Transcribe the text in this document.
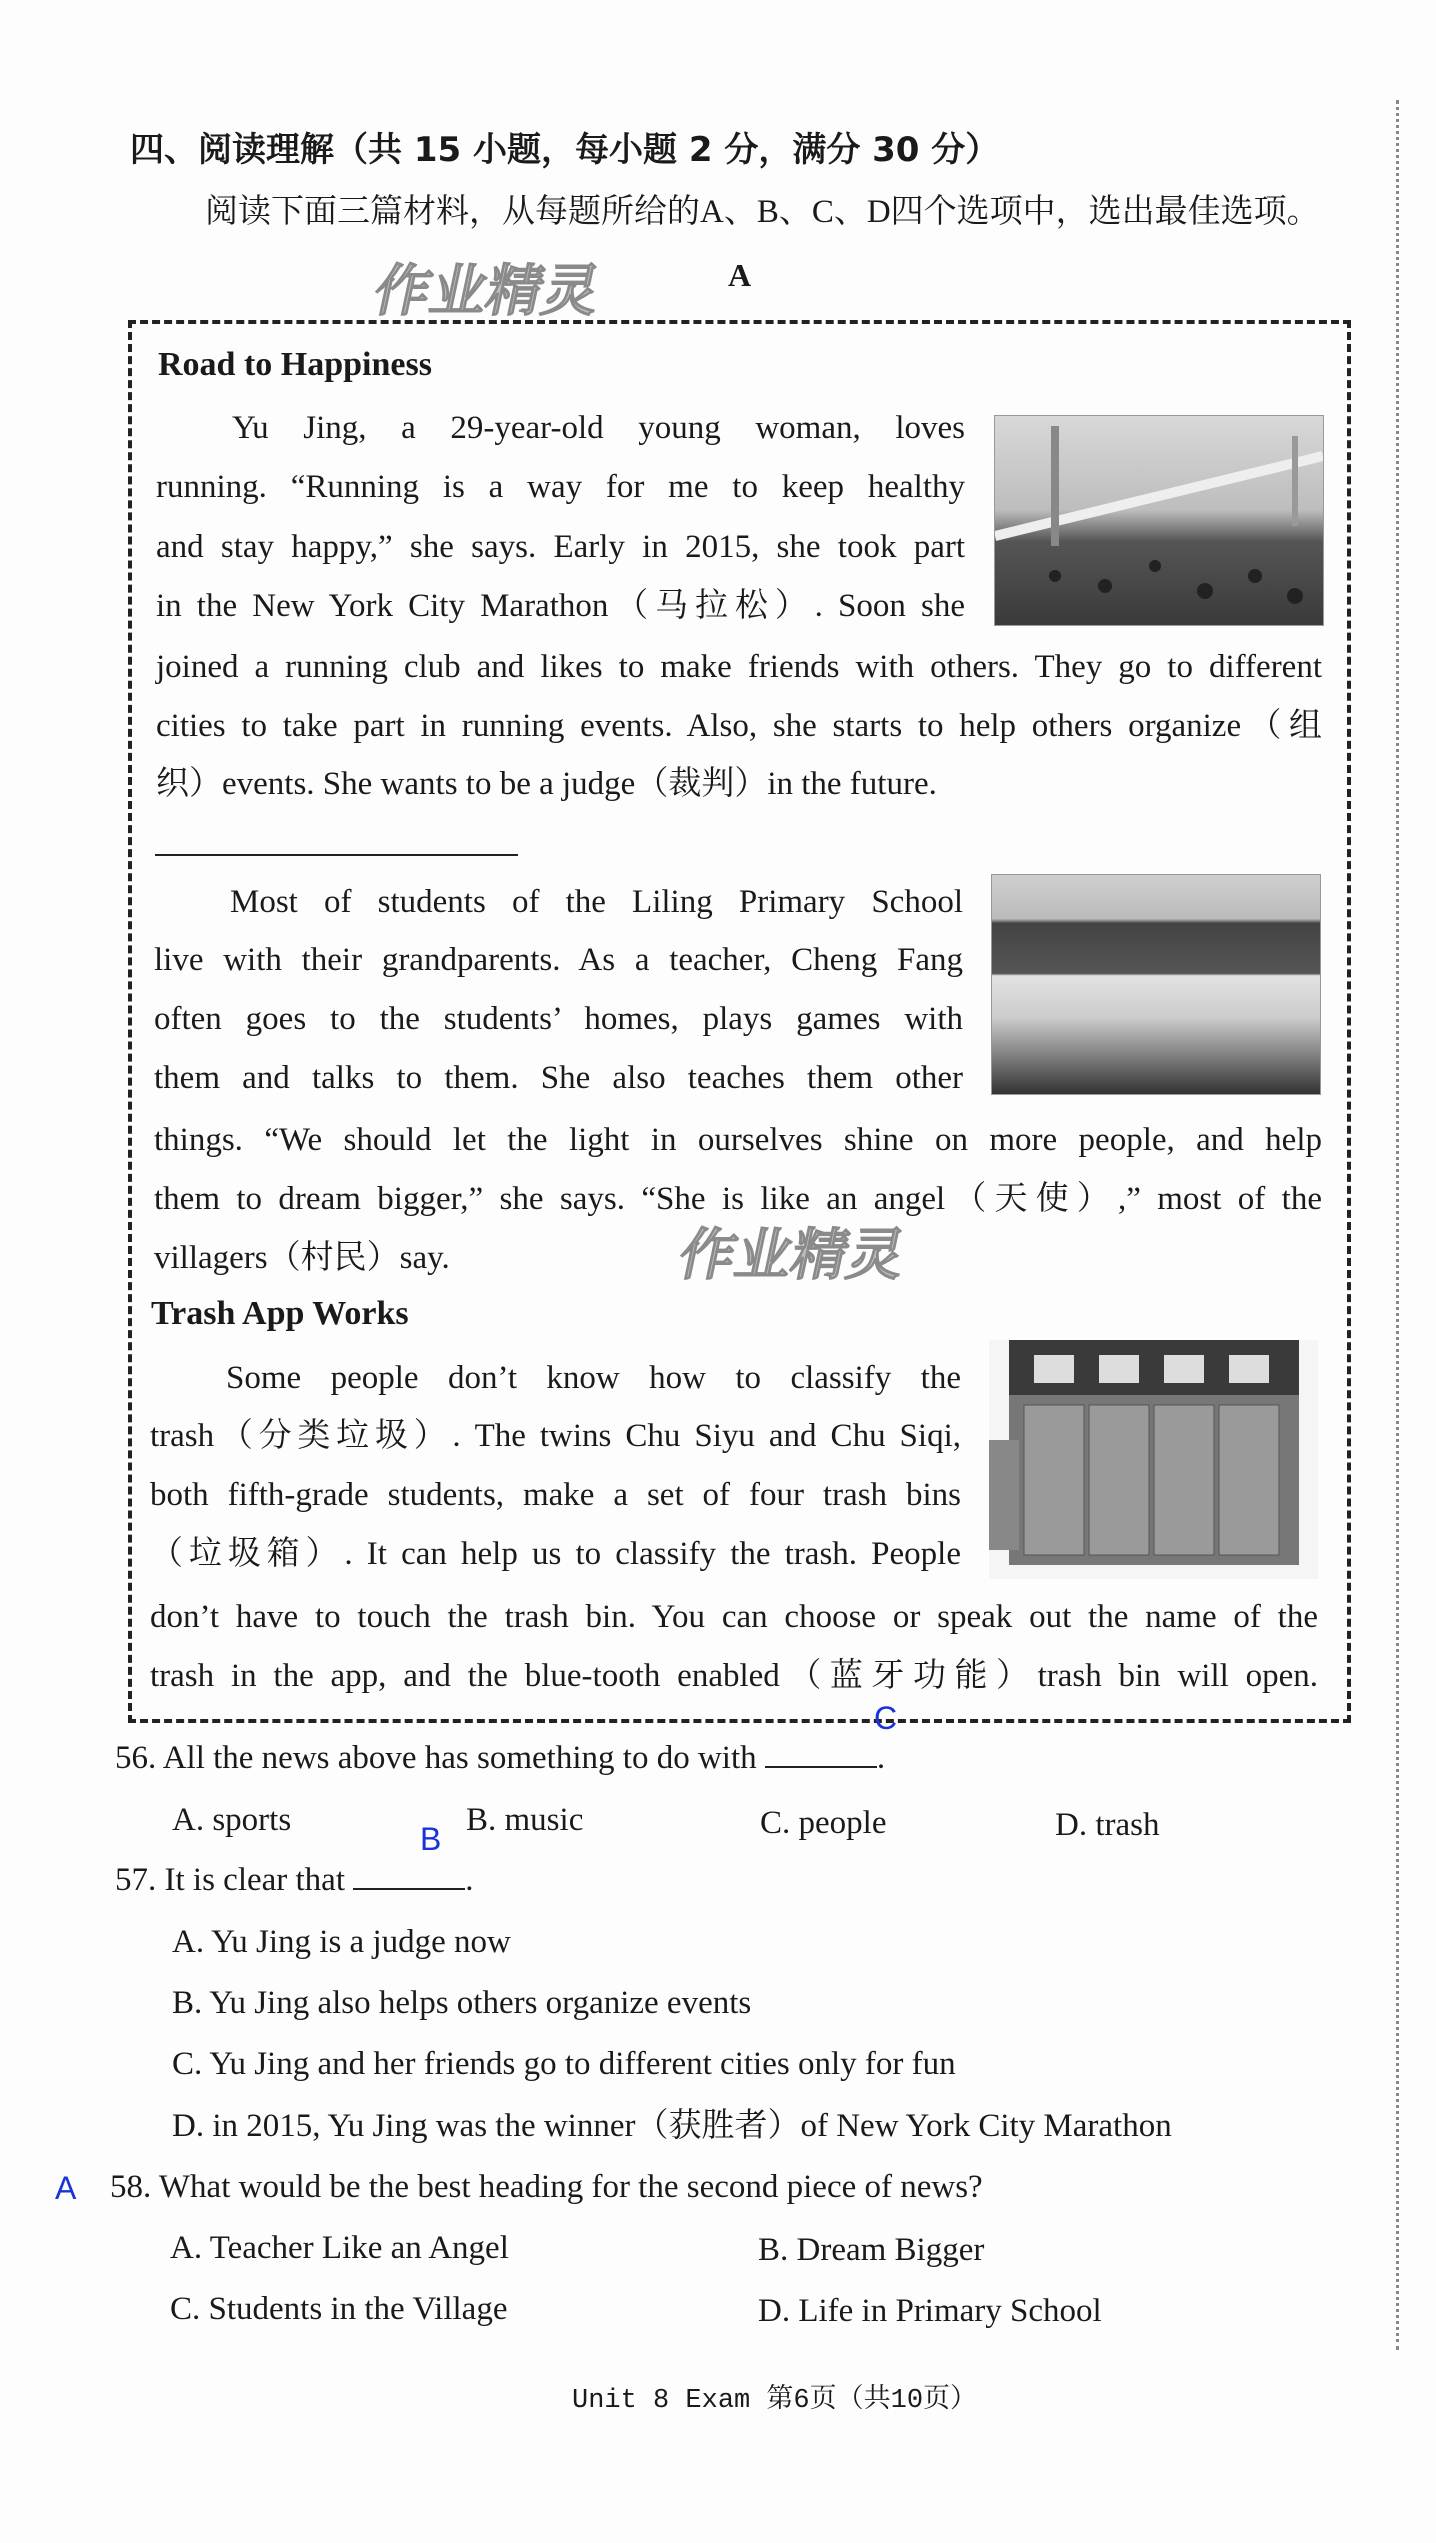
四、阅读理解（共 15 小题，每小题 2 分，满分 30 分）
阅读下面三篇材料，从每题所给的A、B、C、D四个选项中，选出最佳选项。
A
作业精灵
Road to Happiness
Yu Jing, a 29-year-old young woman, loves
running. “Running is a way for me to keep healthy
and stay happy,” she says. Early in 2015, she took part
in the New York City Marathon（马拉松）. Soon she
joined a running club and likes to make friends with others. They go to different
cities to take part in running events. Also, she starts to help others organize（组
织）events. She wants to be a judge（裁判）in the future.
Most of students of the Liling Primary School
live with their grandparents. As a teacher, Cheng Fang
often goes to the students’ homes, plays games with
them and talks to them. She also teaches them other
things. “We should let the light in ourselves shine on more people, and help
them to dream bigger,” she says. “She is like an angel（天使）,” most of the
villagers（村民）say.	作业精灵
Trash App Works
Some people don’t know how to classify the
trash（分类垃圾）. The twins Chu Siyu and Chu Siqi,
both fifth-grade students, make a set of four trash bins
（垃圾箱）. It can help us to classify the trash. People
don’t have to touch the trash bin. You can choose or speak out the name of the
trash in the app, and the blue-tooth enabled（蓝牙功能）trash bin will open.
C
56. All the news above has something to do with	.
A. sports	B. music	C. people	D. trash
B
57. It is clear that	.
A. Yu Jing is a judge now
B. Yu Jing also helps others organize events
C. Yu Jing and her friends go to different cities only for fun
D. in 2015, Yu Jing was the winner（获胜者）of New York City Marathon
A 58. What would be the best heading for the second piece of news?
A. Teacher Like an Angel	B. Dream Bigger
C. Students in the Village	D. Life in Primary School
Unit 8 Exam 第6页（共10页）
